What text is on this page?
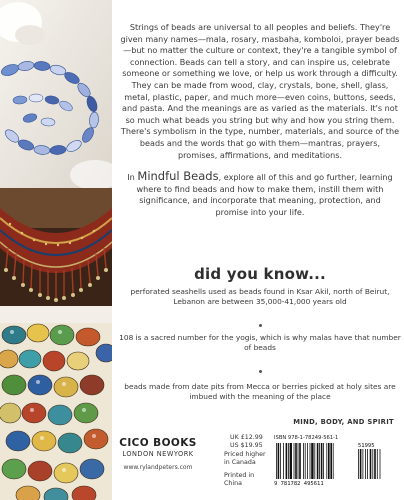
Strings of beads are universal to all peoples and beliefs. They're given many names—mala, rosary, masbaha, komboloi, prayer beads—but no matter the culture or context, they're a tangible symbol of connection. Beads can tell a story, and can inspire us, celebrate someone or something we love, or help us work through a difficulty. They can be made from wood, clay, crystals, bone, shell, glass, metal, plastic, paper, and much more—even coins, buttons, seeds, and pasta. And the meanings are as varied as the materials. It's not so much what beads you string but why and how you string them. There's symbolism in the type, number, materials, and source of the beads and the words that go with them—mantras, prayers, promises, affirmations, and meditations.

In Mindful Beads, explore all of this and go further, learning where to find beads and how to make them, instill them with significance, and incorporate that meaning, protection, and promise into your life.

did you know...
perforated seashells used as beads found in Ksar Akil, north of Beirut, Lebanon are between 35,000-41,000 years old
108 is a sacred number for the yogis, which is why malas have that number of beads
beads made from date pits from Mecca or berries picked at holy sites are imbued with the meaning of the place
MIND, BODY, AND SPIRIT
CICO BOOKS
LONDON NEWYORK
www.rylandpeters.com
UK £12.99
US $19.95
Priced higher in Canada
Printed in China
ISBN 978-1-78249-561-1
9 781782 495611
51995
